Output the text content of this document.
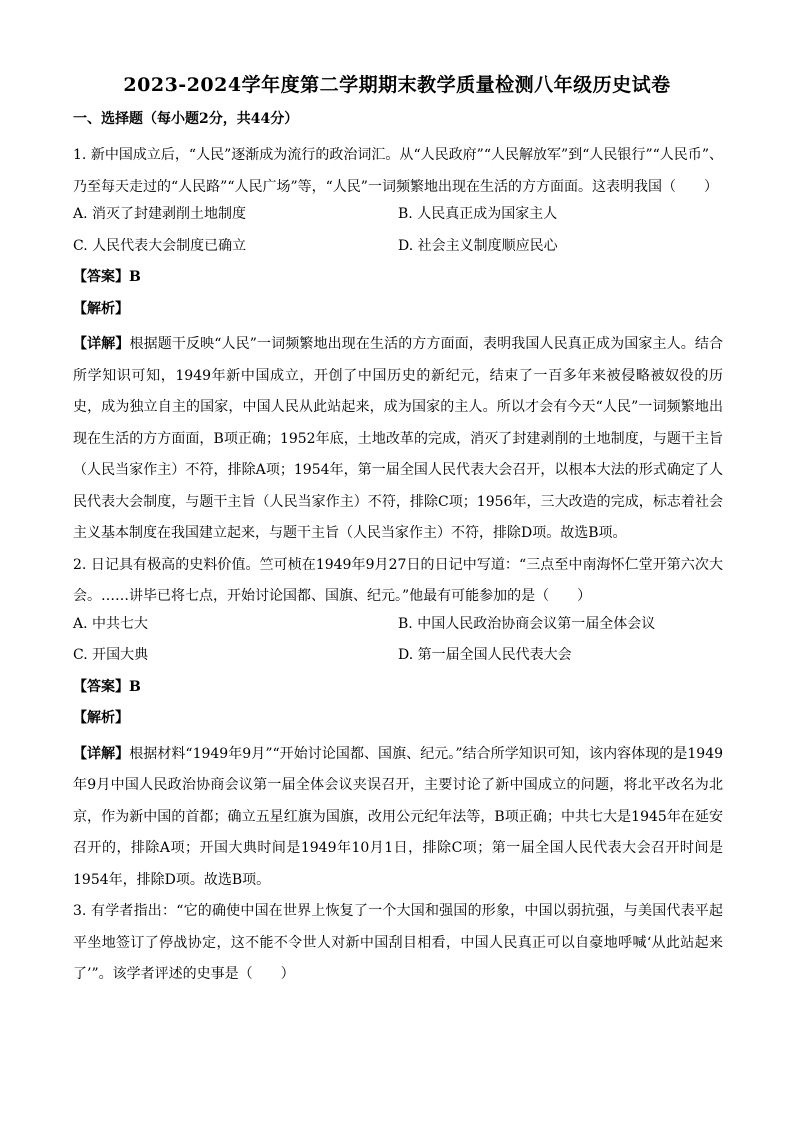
2023-2024学年度第二学期期末教学质量检测八年级历史试卷
一、选择题（每小题2分，共44分）
1. 新中国成立后，“人民”逐渐成为流行的政治词汇。从“人民政府”“人民解放军”到“人民银行”“人民币”、乃至每天走过的“人民路”“人民广场”等，“人民”一词频繁地出现在生活的方方面面。这表明我国（　　）
A. 消灭了封建剥削土地制度	B. 人民真正成为国家主人
C. 人民代表大会制度已确立	D. 社会主义制度顺应民心
【答案】B
【解析】
【详解】根据题干反映“人民”一词频繁地出现在生活的方方面面，表明我国人民真正成为国家主人。结合所学知识可知，1949年新中国成立，开创了中国历史的新纪元，结束了一百多年来被侵略被奴役的历史，成为独立自主的国家，中国人民从此站起来，成为国家的主人。所以才会有今天“人民”一词频繁地出现在生活的方方面面，B项正确；1952年底，土地改革的完成，消灭了封建剥削的土地制度，与题干主旨（人民当家作主）不符，排除A项；1954年，第一届全国人民代表大会召开，以根本大法的形式确定了人民代表大会制度，与题干主旨（人民当家作主）不符，排除C项；1956年，三大改造的完成，标志着社会主义基本制度在我国建立起来，与题干主旨（人民当家作主）不符，排除D项。故选B项。
2. 日记具有极高的史料价值。竺可桢在1949年9月27日的日记中写道：“三点至中南海怀仁堂开第六次大会。……讲毕已将七点，开始讨论国都、国旗、纪元。”他最有可能参加的是（　　）
A. 中共七大	B. 中国人民政治协商会议第一届全体会议
C. 开国大典	D. 第一届全国人民代表大会
【答案】B
【解析】
【详解】根据材料“1949年9月”“开始讨论国都、国旗、纪元。”结合所学知识可知，该内容体现的是1949年9月中国人民政治协商会议第一届全体会议夹误召开，主要讨论了新中国成立的问题，将北平改名为北京，作为新中国的首都；确立五星红旗为国旗，改用公元纪年法等，B项正确；中共七大是1945年在延安召开的，排除A项；开国大典时间是1949年10月1日，排除C项；第一届全国人民代表大会召开时间是1954年，排除D项。故选B项。
3. 有学者指出：“它的确使中国在世界上恢复了一个大国和强国的形象，中国以弱抗强，与美国代表平起平坐地签订了停战协定，这不能不令世人对新中国刮目相看，中国人民真正可以自豪地呼喊‘从此站起来了’”。该学者评述的史事是（　　）
